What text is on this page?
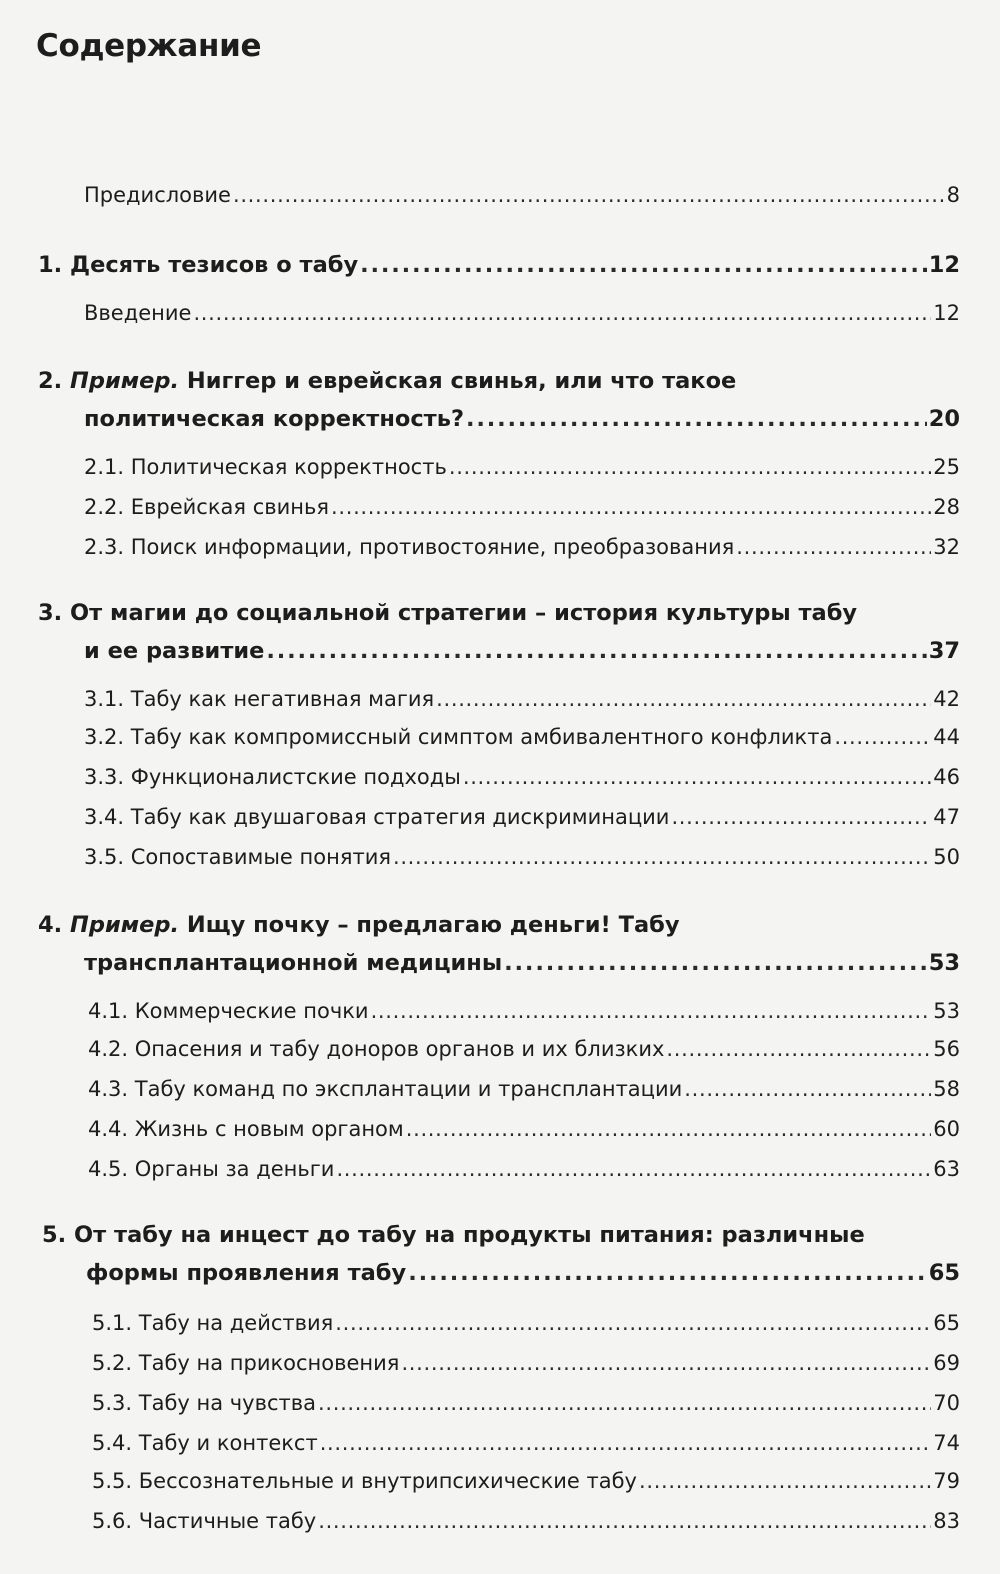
Содержание
Предисловие . . .	8
1. Десять тезисов о табу . . .	12
Введение . . .	12
2. Пример. Ниггер и еврейская свинья, или что такое
политическая корректность? . . .	20
2.1. Политическая корректность . . .	25
2.2. Еврейская свинья . . .	28
2.3. Поиск информации, противостояние, преобразования . . .	32
3. От магии до социальной стратегии – история культуры табу
и ее развитие . . .	37
3.1. Табу как негативная магия . . .	42
3.2. Табу как компромиссный симптом амбивалентного конфликта . . .	44
3.3. Функционалистские подходы . . .	46
3.4. Табу как двушаговая стратегия дискриминации . . .	47
3.5. Сопоставимые понятия . . .	50
4. Пример. Ищу почку – предлагаю деньги! Табу
трансплантационной медицины . . .	53
4.1. Коммерческие почки . . .	53
4.2. Опасения и табу доноров органов и их близких . . .	56
4.3. Табу команд по эксплантации и трансплантации . . .	58
4.4. Жизнь с новым органом . . .	60
4.5. Органы за деньги . . .	63
5. От табу на инцест до табу на продукты питания: различные
формы проявления табу . . .	65
5.1. Табу на действия . . .	65
5.2. Табу на прикосновения . . .	69
5.3. Табу на чувства . . .	70
5.4. Табу и контекст . . .	74
5.5. Бессознательные и внутрипсихические табу . . .	79
5.6. Частичные табу . . .	83
